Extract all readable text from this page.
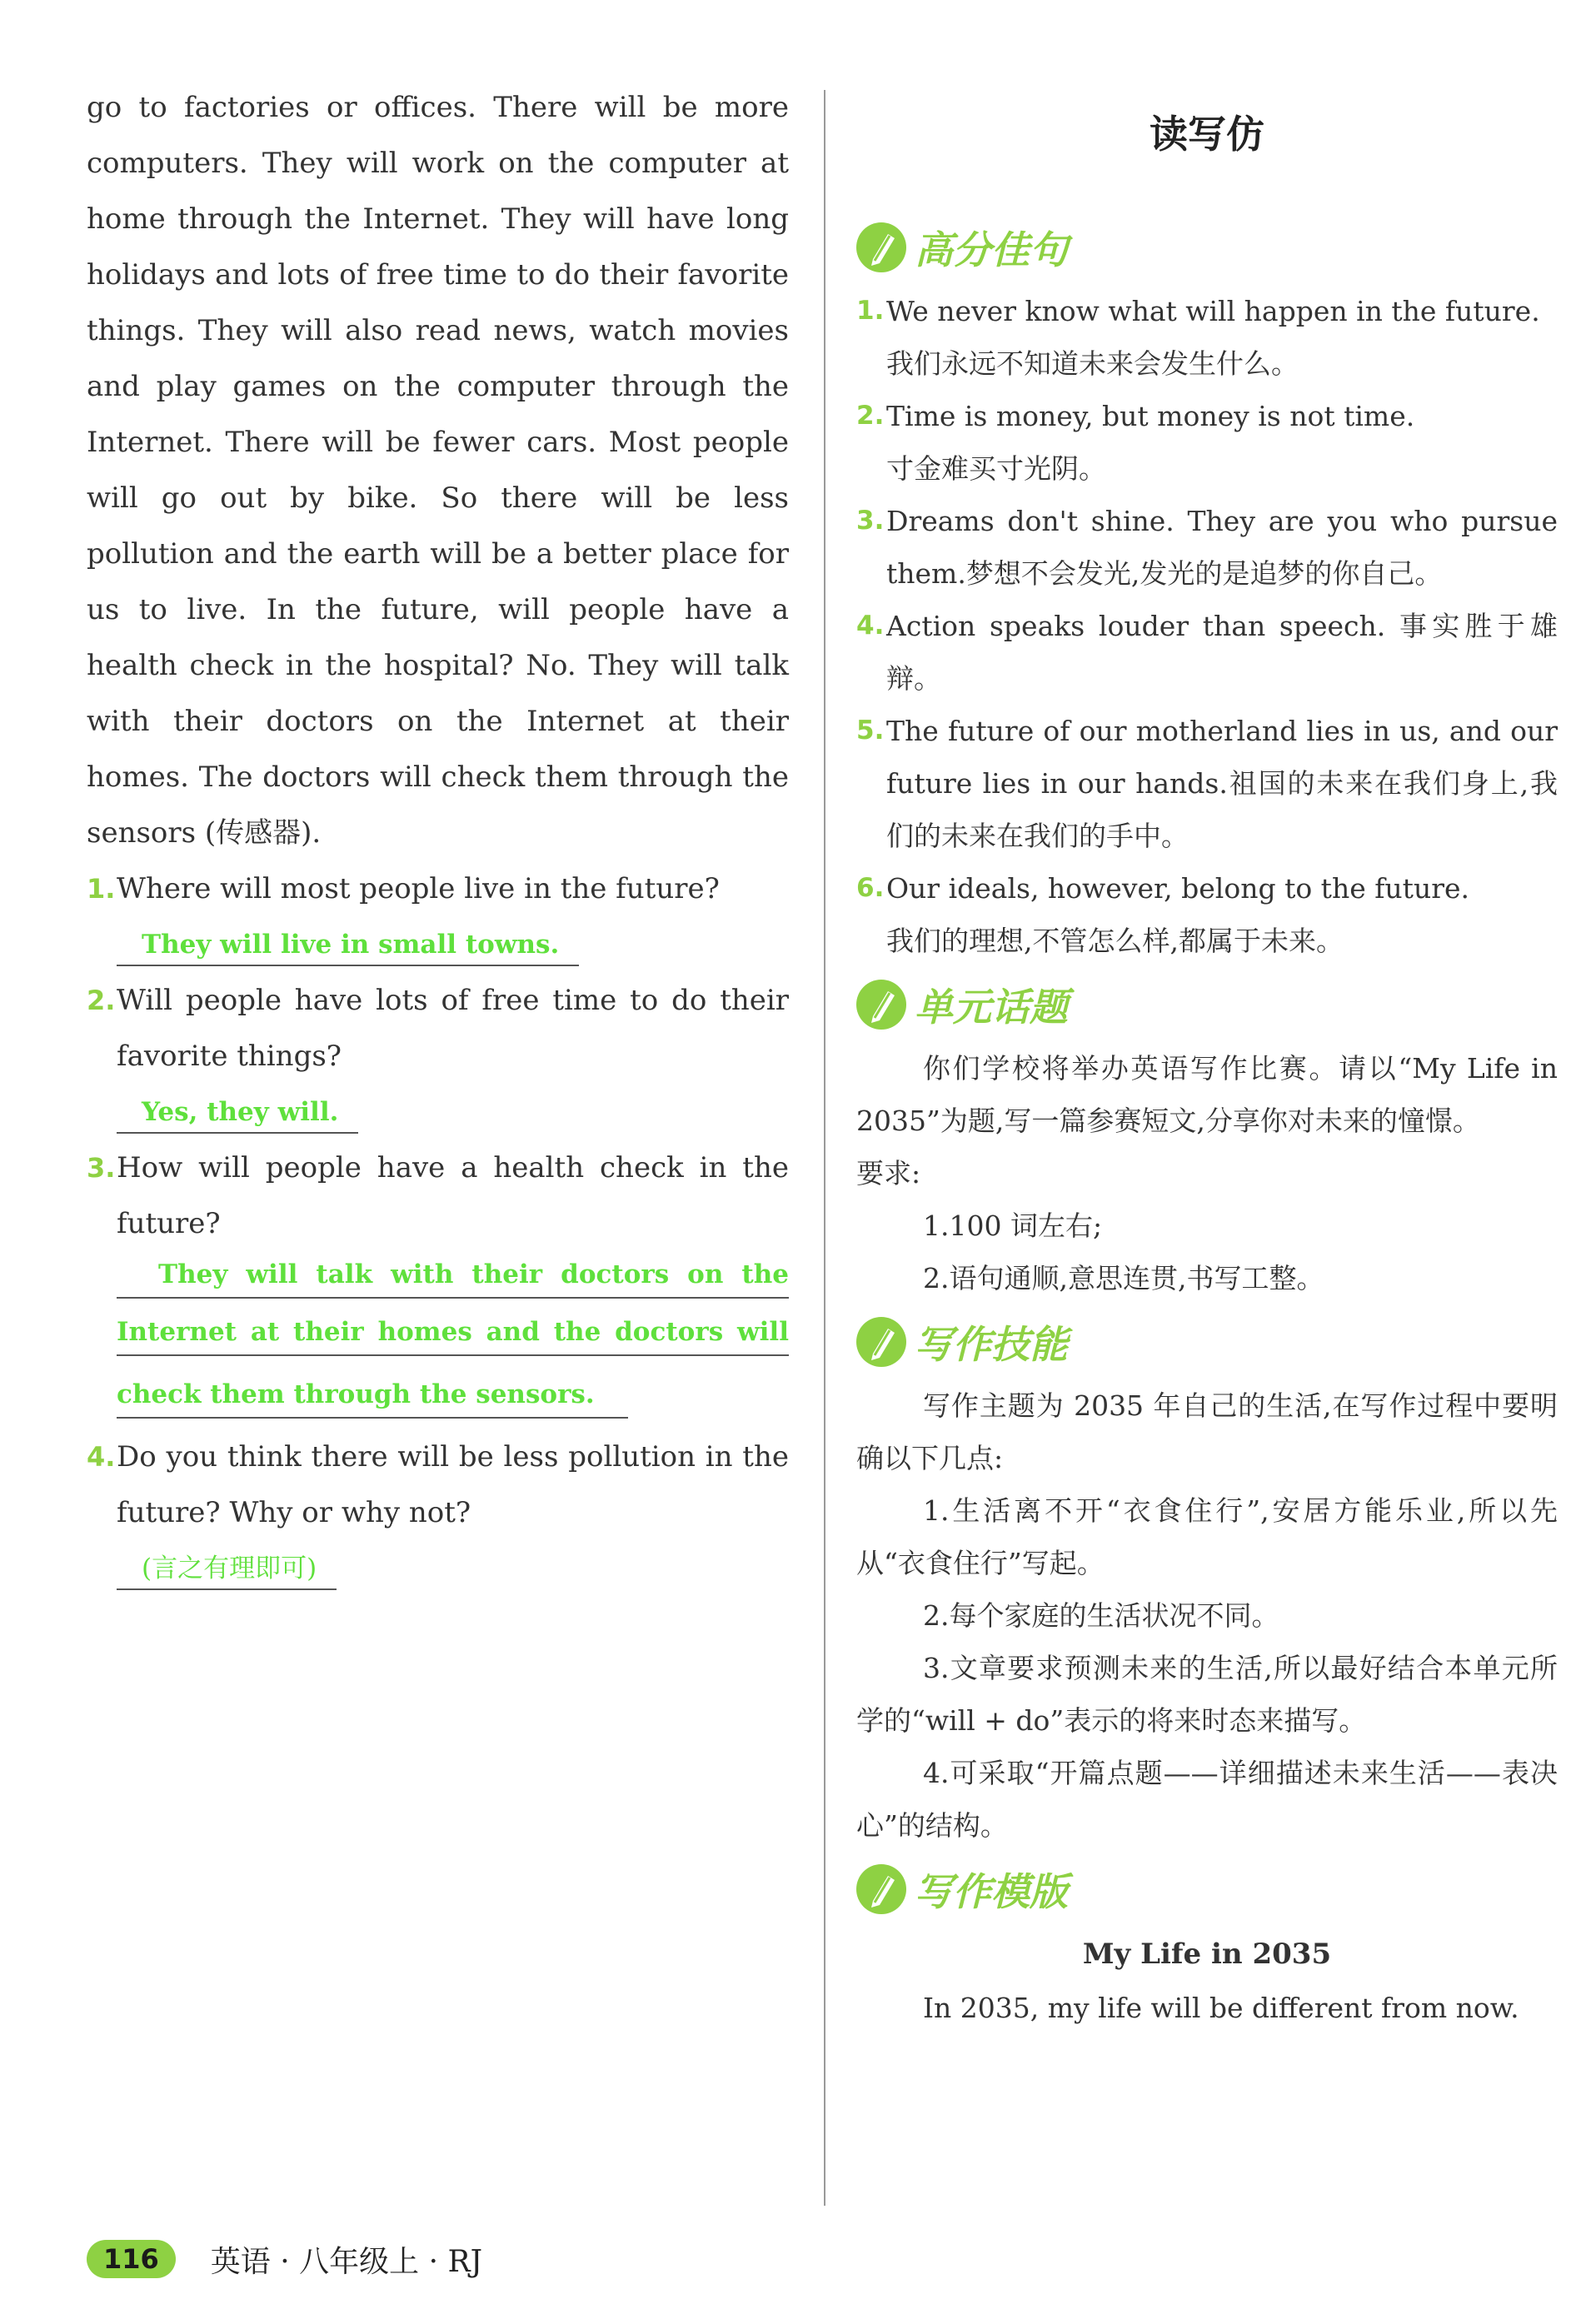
go to factories or offices. There will be more computers. They will work on the computer at home through the Internet. They will have long holidays and lots of free time to do their favorite things. They will also read news, watch movies and play games on the computer through the Internet. There will be fewer cars. Most people will go out by bike. So there will be less pollution and the earth will be a better place for us to live. In the future, will people have a health check in the hospital? No. They will talk with their doctors on the Internet at their homes. The doctors will check them through the sensors (传感器).

1. Where will most people live in the future?

They will live in small towns.

2. Will people have lots of free time to do their favorite things?

Yes, they will.

3. How will people have a health check in the future?

They will talk with their doctors on the
Internet at their homes and the doctors will
check them through the sensors.

4. Do you think there will be less pollution in the future? Why or why not?

(言之有理即可)
读写仿
高分佳句

1. We never know what will happen in the future.
我们永远不知道未来会发生什么。

2. Time is money, but money is not time.
寸金难买寸光阴。

3. Dreams don't shine. They are you who pursue them.梦想不会发光,发光的是追梦的你自己。

4. Action speaks louder than speech. 事实胜于雄辩。

5. The future of our motherland lies in us, and our future lies in our hands.祖国的未来在我们身上,我们的未来在我们的手中。

6. Our ideals, however, belong to the future.
我们的理想,不管怎么样,都属于未来。

单元话题

你们学校将举办英语写作比赛。请以“My Life in 2035”为题,写一篇参赛短文,分享你对未来的憧憬。

要求:

1.100 词左右;

2.语句通顺,意思连贯,书写工整。

写作技能

写作主题为 2035 年自己的生活,在写作过程中要明确以下几点:

1.生活离不开“衣食住行”,安居方能乐业,所以先从“衣食住行”写起。

2.每个家庭的生活状况不同。

3.文章要求预测未来的生活,所以最好结合本单元所学的“will + do”表示的将来时态来描写。

4.可采取“开篇点题——详细描述未来生活——表决心”的结构。

写作模版

My Life in 2035

In 2035, my life will be different from now.

116	英语 · 八年级上 · RJ
